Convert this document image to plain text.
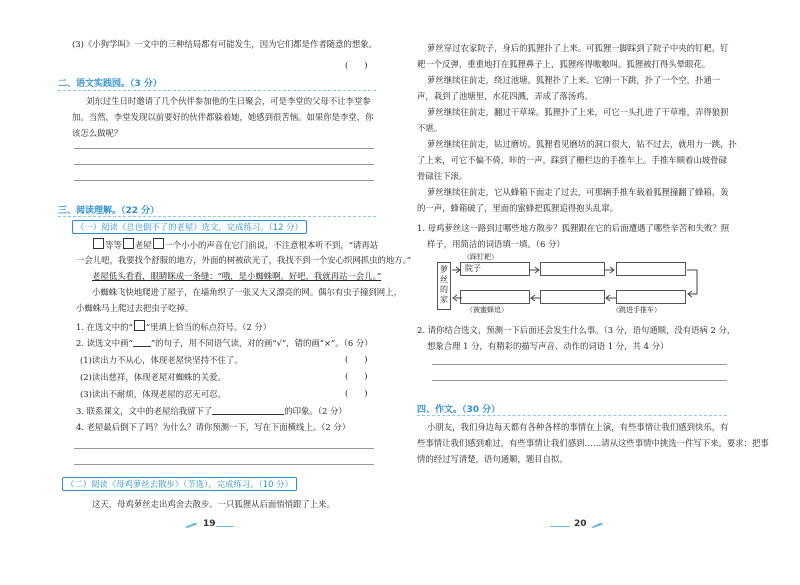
(3)《小狗学叫》一文中的三种结局都有可能发生，因为它们都是作者随意的想象。
(      )
二、语文实践园。（3 分）
刘东过生日时邀请了几个伙伴参加他的生日聚会，可是李堂的父母不让李堂参加。当然，李堂发现以前要好的伙伴都躲着她，她感到很苦恼。如果你是李堂，你该怎么做呢？
三、阅读理解。（22 分）
（一）阅读《总也倒不了的老屋》选文，完成练习。（12 分）
等等 老屋 一个小小的声音在它门前说，不注意根本听不到，“请再站
一会儿吧，我要找个舒服的地方，外面的树被砍光了，我找不到一个安心织网抓虫的地方。”
老屋低头看看，眼睛眯成一条缝：“哦，是小蜘蛛啊。好吧，我就再站一会儿。”
小蜘蛛飞快地爬进了屋子，在墙角织了一张又大又漂亮的网。偶尔有虫子撞到网上，
小蜘蛛马上爬过去把虫子吃掉。
1. 在选文中的“ ”里填上恰当的标点符号。（2 分）
2. 读选文中画“ ”的句子，用不同语气读，对的画“√”，错的画“×”。（6 分）
(1)读出力不从心，体现老屋快坚持不住了。	(      )
(2)读出慈祥，体现老屋对蜘蛛的关爱。	(      )
(3)读出不耐烦，体现老屋的忍无可忍。	(      )
3. 联系课文，文中的老屋给我留下了	的印象。（2 分）
4. 老屋最后倒下了吗？为什么？请你预测一下，写在下面横线上。（2 分）
（二）阅读《母鸡萝丝去散步》（节选），完成练习。（10 分）
这天，母鸡萝丝走出鸡舍去散步。一只狐狸从后面悄悄跟了上来。
19
萝丝穿过农家院子，身后的狐狸扑了上来。可狐狸一脚踩到了院子中央的钉耙，钉
耙一个反弹，重重地打在狐狸鼻子上，狐狸疼得嗷嗷叫。狐狸被打得头晕眼花。
萝丝继续往前走，绕过池塘。狐狸扑了上来。它刚一下跳，扑了一个空，扑通一
声，栽到了池塘里，水花四溅，弄成了落汤鸡。
萝丝继续往前走，翻过干草垛。狐狸扑了上来，可它一头扎进了干草堆，弄得狼狈
不堪。
萝丝继续往前走，钻过磨坊。狐狸看见磨坊的洞口很大，钻不过去，就用力一跳，扑
了上来，可它不偏不倚，咔的一声，踩到了栅栏边的手推车上。手推车顺着山坡骨碌
骨碌往下滚。
萝丝继续往前走，它从蜂箱下面走了过去，可那辆手推车载着狐狸撞翻了蜂箱，轰
的一声，蜂箱破了，里面的蜜蜂把狐狸追得抱头乱窜。
1. 母鸡萝丝这一路到过哪些地方散步？狐狸跟在它的后面遭遇了哪些辛苦和失败？照
样子，用简洁的词语填一填。（6 分）
萝丝的家
（踩钉耙）
院子
（被蜜蜂追）	（跳进手推车）
2. 请你结合选文，预测一下后面还会发生什么事。（3 分，语句通顺，没有语病 2 分，
想象合理 1 分，有精彩的描写声音、动作的词语 1 分，共 4 分）
四、作文。（30 分）
小朋友，我们身边每天都有各种各样的事情在上演，有些事情让我们感到快乐，有
些事情让我们感到难过，有些事情让我们感到……请从这些事情中挑选一件写下来。要求：把事
情的经过写清楚，语句通顺，题目自拟。
20
